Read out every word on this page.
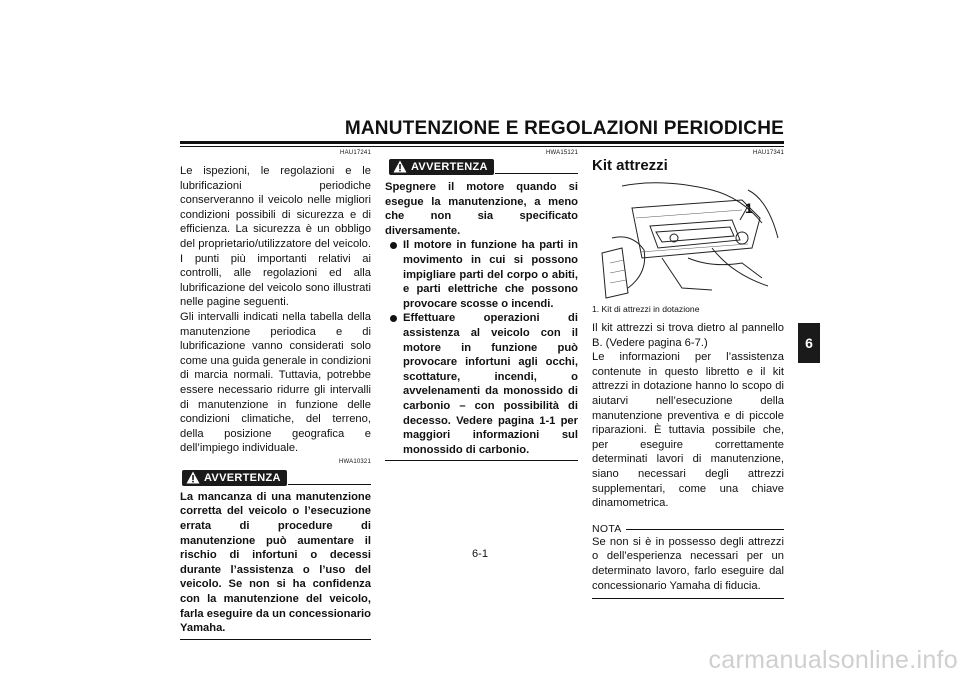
MANUTENZIONE E REGOLAZIONI PERIODICHE
HAU17241
Le ispezioni, le regolazioni e le lubrificazioni periodiche conserveranno il veicolo nelle migliori condizioni possibili di sicurezza e di efficienza. La sicurezza è un obbligo del proprietario/utilizzatore del veicolo. I punti più importanti relativi ai controlli, alle regolazioni ed alla lubrificazione del veicolo sono illustrati nelle pagine seguenti.
Gli intervalli indicati nella tabella della manutenzione periodica e di lubrificazione vanno considerati solo come una guida generale in condizioni di marcia normali. Tuttavia, potrebbe essere necessario ridurre gli intervalli di manutenzione in funzione delle condizioni climatiche, del terreno, della posizione geografica e dell’impiego individuale.
HWA10321
AVVERTENZA
La mancanza di una manutenzione corretta del veicolo o l’esecuzione errata di procedure di manutenzione può aumentare il rischio di infortuni o decessi durante l’assistenza o l’uso del veicolo. Se non si ha confidenza con la manutenzione del veicolo, farla eseguire da un concessionario Yamaha.
HWA15121
AVVERTENZA
Spegnere il motore quando si esegue la manutenzione, a meno che non sia specificato diversamente.
Il motore in funzione ha parti in movimento in cui si possono impigliare parti del corpo o abiti, e parti elettriche che possono provocare scosse o incendi.
Effettuare operazioni di assistenza al veicolo con il motore in funzione può provocare infortuni agli occhi, scottature, incendi, o avvelenamenti da monossido di carbonio – con possibilità di decesso. Vedere pagina 1-1 per maggiori informazioni sul monossido di carbonio.
HAU17341
Kit attrezzi
1
1. Kit di attrezzi in dotazione
Il kit attrezzi si trova dietro al pannello B. (Vedere pagina 6-7.)
Le informazioni per l’assistenza contenute in questo libretto e il kit attrezzi in dotazione hanno lo scopo di aiutarvi nell’esecuzione della manutenzione preventiva e di piccole riparazioni. È tuttavia possibile che, per eseguire correttamente determinati lavori di manutenzione, siano necessari degli attrezzi supplementari, come una chiave dinamometrica.
NOTA
Se non si è in possesso degli attrezzi o dell’esperienza necessari per un determinato lavoro, farlo eseguire dal concessionario Yamaha di fiducia.
6
6-1
carmanualsonline.info
